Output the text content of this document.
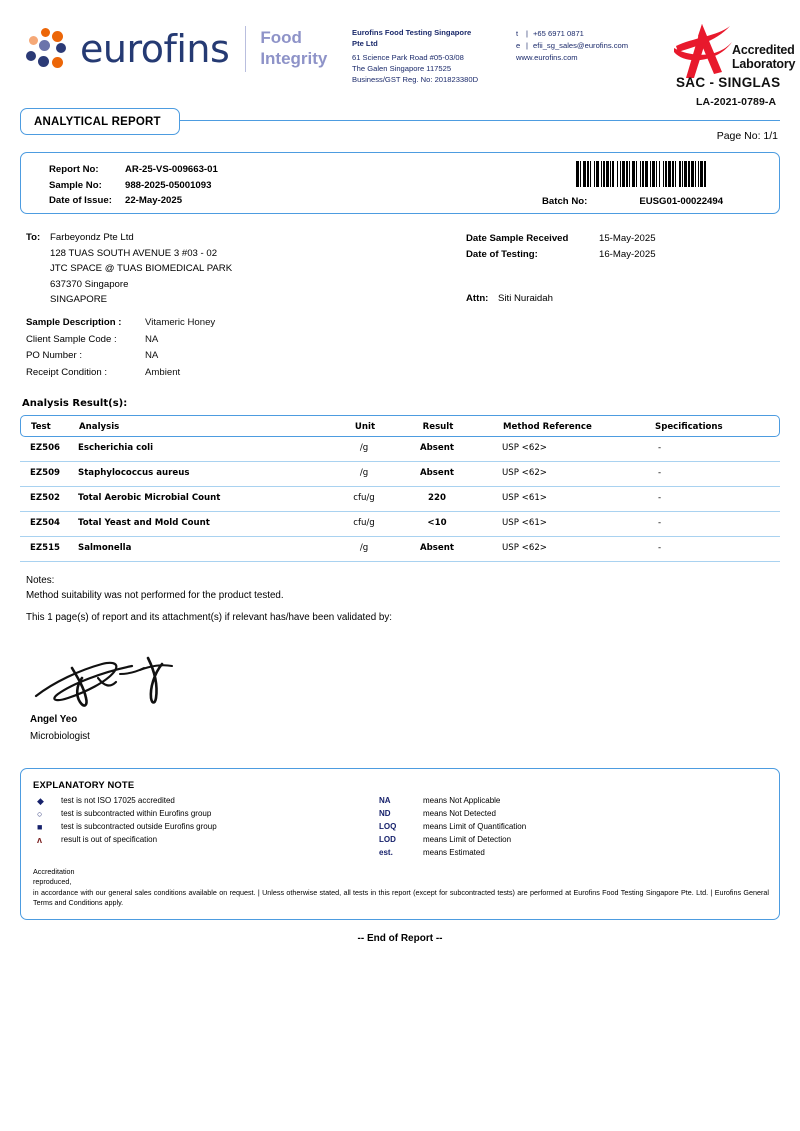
eurofins Food
Integrity
Eurofins Food Testing Singapore
Pte Ltd
61 Science Park Road #05-03/08
The Galen Singapore 117525
Business/GST Reg. No: 201823380D
t	| +65 6971 0871
e | efii_sg_sales@eurofins.com
www.eurofins.com
Accredited
Laboratory
SAC - SINGLAS
LA-2021-0789-A
ANALYTICAL REPORT
Page No: 1/1
Report No:	AR-25-VS-009663-01
Sample No:	988-2025-05001093
Date of Issue:	22-May-2025	Batch No:	EUSG01-00022494
To:	Farbeyondz Pte Ltd
128 TUAS SOUTH AVENUE 3 #03 - 02
JTC SPACE @ TUAS BIOMEDICAL PARK
637370 Singapore
SINGAPORE
Sample Description :	Vitameric Honey
Client Sample Code :	NA
PO Number :	NA
Receipt Condition :	Ambient
Date Sample Received	15-May-2025
Date of Testing:	16-May-2025
Attn:	Siti Nuraidah
Analysis Result(s):
Test	Analysis	Unit	Result	Method Reference	Specifications
EZ506 Escherichia coli	/g	Absent	USP <62>	-
EZ509 Staphylococcus aureus	/g	Absent	USP <62>	-
EZ502 Total Aerobic Microbial Count	cfu/g	220	USP <61>	-
EZ504 Total Yeast and Mold Count	cfu/g	<10	USP <61>	-
EZ515 Salmonella	/g	Absent	USP <62>	-
Notes:
Method suitability was not performed for the product tested.
This 1 page(s) of report and its attachment(s) if relevant has/have been validated by:
Angel Yeo
Microbiologist
EXPLANATORY NOTE
◆	test is not ISO 17025 accredited
○	test is subcontracted within Eurofins group
■	test is subcontracted outside Eurofins group
ʌ	result is out of specification
NA	means Not Applicable
ND	means Not Detected
LOQ	means Limit of Quantification
LOD	means Limit of Detection
est.	means Estimated
Accreditation
reproduced,
in accordance with our general sales conditions available on request. | Unless otherwise stated, all tests in this report (except for subcontracted tests) are performed at Eurofins Food Testing Singapore Pte. Ltd. | Eurofins General Terms and Conditions apply.
-- End of Report --
